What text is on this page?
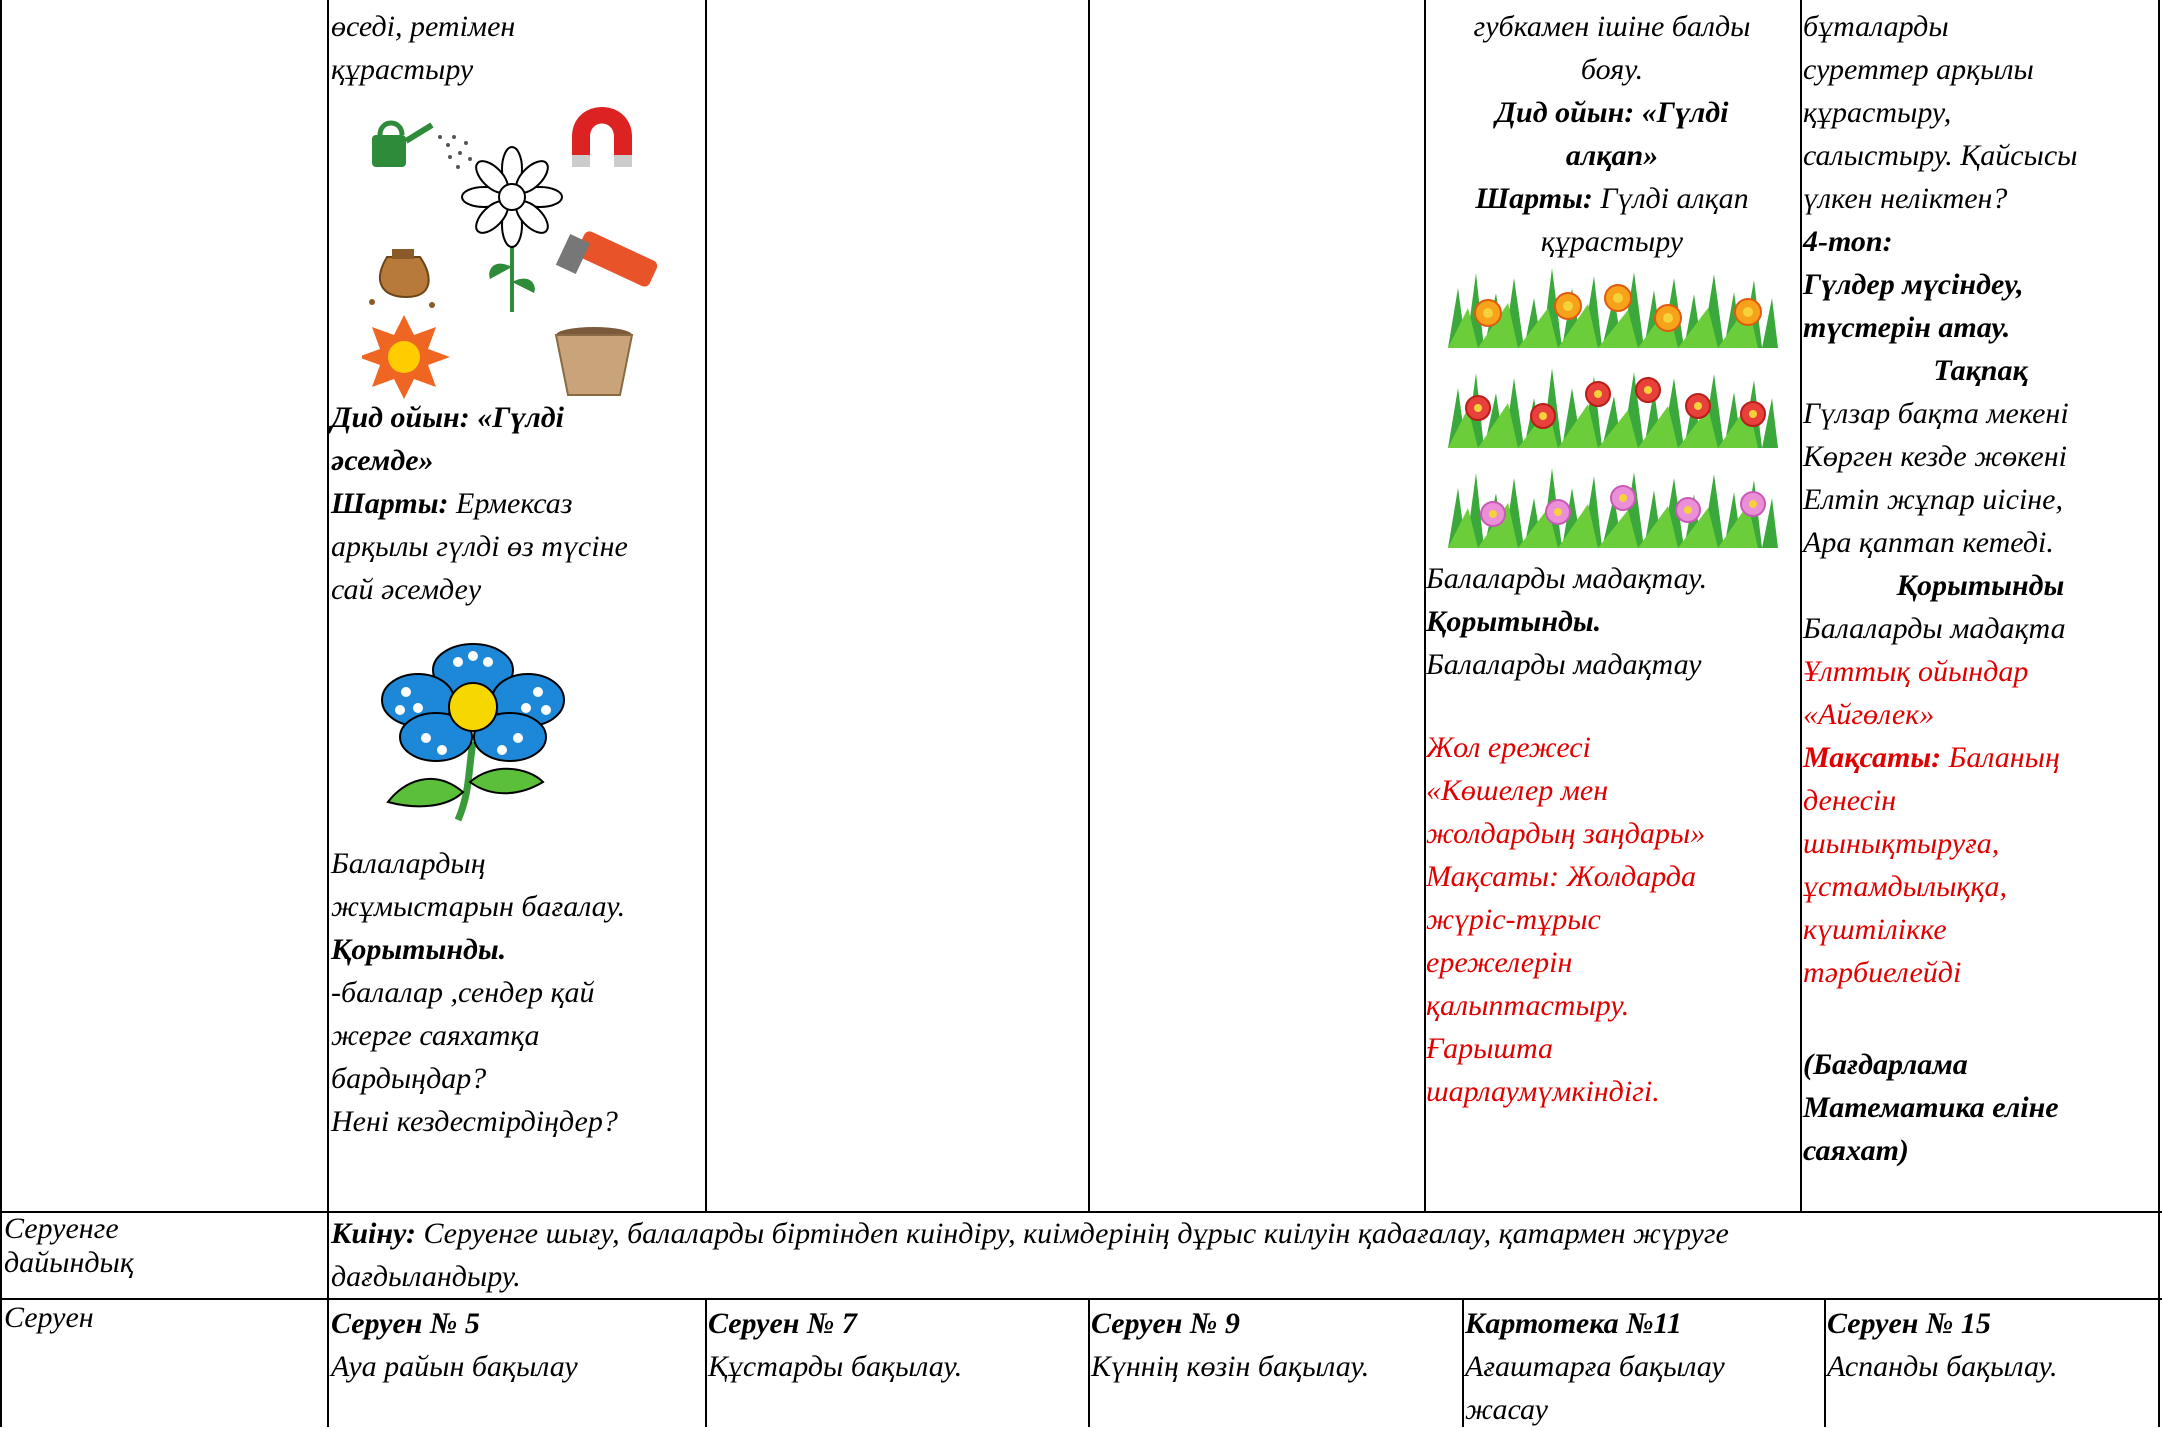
өседі, ретімен
құрастыру
Дид ойын: «Гүлді
әсемде»
Шарты: Ермексаз
арқылы гүлді өз түсіне
сай әсемдеу
Балалардың
жұмыстарын бағалау.
Қорытынды.
-балалар ,сендер қай
жерге саяхатқа
бардыңдар?
Нені кездестірдіңдер?
губкамен ішіне балды
бояу.
Дид ойын: «Гүлді
алқап»
Шарты: Гүлді алқап
құрастыру
Балаларды мадақтау.
Қорытынды.
Балаларды мадақтау
Жол ережесі
«Көшелер мен
жолдардың заңдары»
Мақсаты: Жолдарда
жүріс-тұрыс
ережелерін
қалыптастыру.
Ғарышта
шарлаумүмкіндігі.
бұталарды
суреттер арқылы
құрастыру,
салыстыру. Қайсысы
үлкен неліктен?
4-топ:
Гүлдер мүсіндеу,
түстерін атау.
Тақпақ
Гүлзар бақта мекені
Көрген кезде жөкені
Елтіп жұпар иісіне,
Ара қаптап кетеді.
Қорытынды
Балаларды мадақта
Ұлттық ойындар
«Айгөлек»
Мақсаты: Баланың
денесін
шынықтыруға,
ұстамдылыққа,
күштілікке
тәрбиелейді
(Бағдарлама
Математика еліне
саяхат)
Серуенге
дайындық
Киіну: Серуенге шығу, балаларды біртіндеп киіндіру, киімдерінің дұрыс киілуін қадағалау, қатармен жүруге
дағдыландыру.
Серуен	Серуен № 5
Ауа райын бақылау
Серуен № 7
Құстарды бақылау.
Серуен № 9
Күннің көзін бақылау.
Картотека №11
Ағаштарға бақылау
жасау
Серуен № 15
Аспанды бақылау.
